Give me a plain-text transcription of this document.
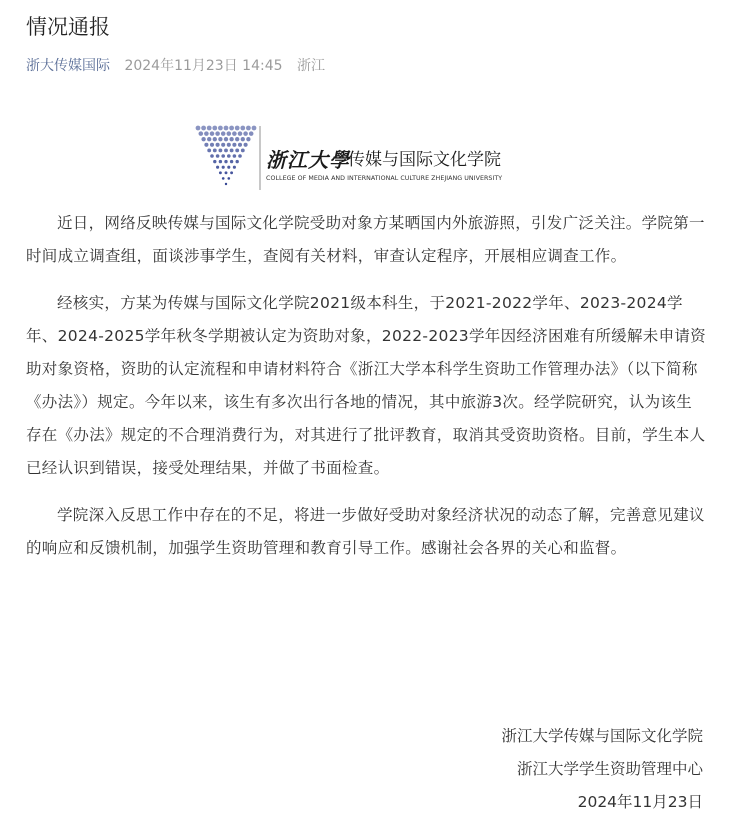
情况通报
浙大传媒国际 2024年11月23日 14:45 浙江
浙江大學
传媒与国际文化学院
COLLEGE OF MEDIA AND INTERNATIONAL CULTURE ZHEJIANG UNIVERSITY

近日，网络反映传媒与国际文化学院受助对象方某晒国内外旅游照，引发广泛关注。学院第一时间成立调查组，面谈涉事学生，查阅有关材料，审查认定程序，开展相应调查工作。

经核实，方某为传媒与国际文化学院2021级本科生，于2021-2022学年、2023-2024学年、2024-2025学年秋冬学期被认定为资助对象，2022-2023学年因经济困难有所缓解未申请资助对象资格，资助的认定流程和申请材料符合《浙江大学本科学生资助工作管理办法》（以下简称《办法》）规定。今年以来，该生有多次出行各地的情况，其中旅游3次。经学院研究，认为该生存在《办法》规定的不合理消费行为，对其进行了批评教育，取消其受资助资格。目前，学生本人已经认识到错误，接受处理结果，并做了书面检查。

学院深入反思工作中存在的不足，将进一步做好受助对象经济状况的动态了解，完善意见建议的响应和反馈机制，加强学生资助管理和教育引导工作。感谢社会各界的关心和监督。

浙江大学传媒与国际文化学院
浙江大学学生资助管理中心
2024年11月23日
